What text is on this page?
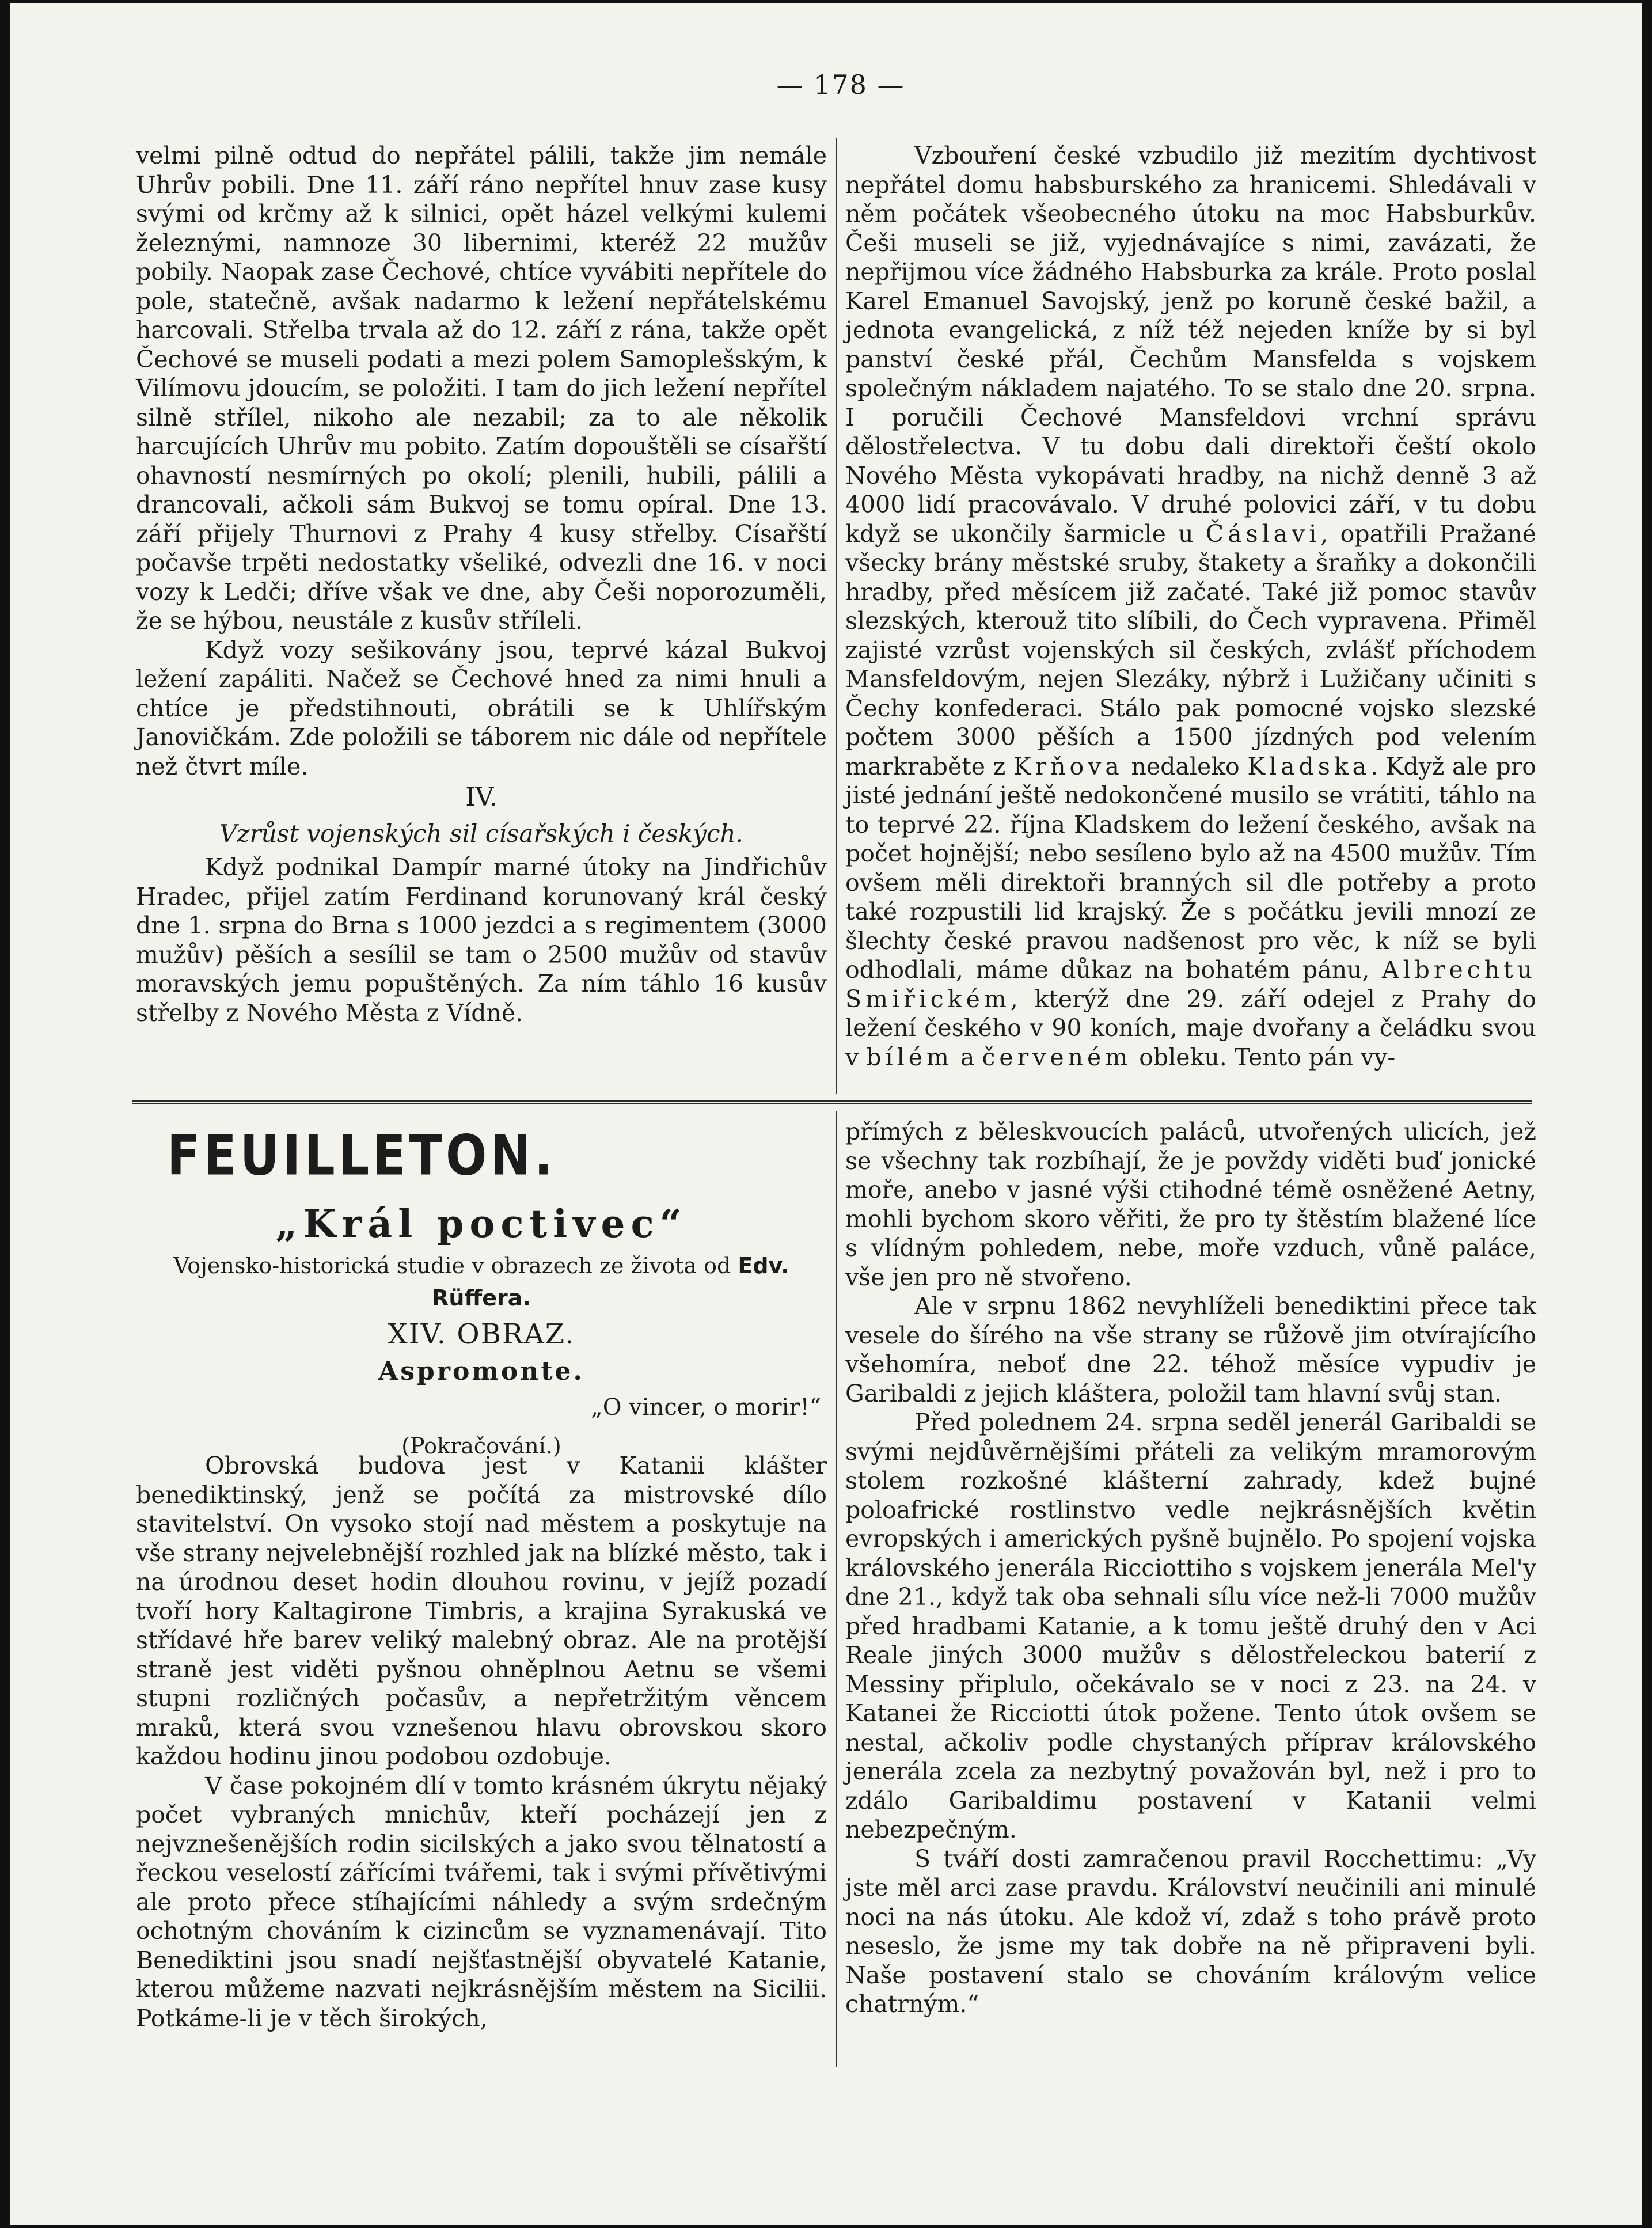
— 178 —

velmi pilně odtud do nepřátel pálili, takže jim nemále Uhrův pobili. Dne 11. září ráno nepřítel hnuv zase kusy svými od krčmy až k silnici, opět házel velkými kulemi železnými, namnoze 30 libernimi, kteréž 22 mužův pobily. Naopak zase Čechové, chtíce vyvábiti nepřítele do pole, statečně, avšak nadarmo k ležení nepřátelskému harcovali. Střelba trvala až do 12. září z rána, takže opět Čechové se museli podati a mezi polem Samoplešským, k Vilímovu jdoucím, se položiti. I tam do jich ležení nepřítel silně střílel, nikoho ale nezabil; za to ale několik harcujících Uhrův mu pobito. Zatím dopouštěli se císařští ohavností nesmírných po okolí; plenili, hubili, pálili a drancovali, ačkoli sám Bukvoj se tomu opíral. Dne 13. září přijely Thurnovi z Prahy 4 kusy střelby. Císařští počavše trpěti nedostatky všeliké, odvezli dne 16. v noci vozy k Ledči; dříve však ve dne, aby Češi noporozuměli, že se hýbou, neustále z kusův stříleli.

Když vozy sešikovány jsou, teprvé kázal Bukvoj ležení zapáliti. Načež se Čechové hned za nimi hnuli a chtíce je předstihnouti, obrátili se k Uhlířským Janovičkám. Zde položili se táborem nic dále od nepřítele než čtvrt míle.

IV.
Vzrůst vojenských sil císařských i českých.

Když podnikal Dampír marné útoky na Jindřichův Hradec, přijel zatím Ferdinand korunovaný král český dne 1. srpna do Brna s 1000 jezdci a s regimentem (3000 mužův) pěších a sesílil se tam o 2500 mužův od stavův moravských jemu popuštěných. Za ním táhlo 16 kusův střelby z Nového Města z Vídně.

Vzbouření české vzbudilo již mezitím dychtivost nepřátel domu habsburského za hranicemi. Shledávali v něm počátek všeobecného útoku na moc Habsburkův. Češi museli se již, vyjednávajíce s nimi, zavázati, že nepřijmou více žádného Habsburka za krále. Proto poslal Karel Emanuel Savojský, jenž po koruně české bažil, a jednota evangelická, z níž též nejeden kníže by si byl panství české přál, Čechům Mansfelda s vojskem společným nákladem najatého. To se stalo dne 20. srpna. I poručili Čechové Mansfeldovi vrchní správu dělostřelectva. V tu dobu dali direktoři čeští okolo Nového Města vykopávati hradby, na nichž denně 3 až 4000 lidí pracovávalo. V druhé polovici září, v tu dobu když se ukončily šarmicle u Čáslavi, opatřili Pražané všecky brány městské sruby, štakety a šraňky a dokončili hradby, před měsícem již začaté. Také již pomoc stavův slezských, kterouž tito slíbili, do Čech vypravena. Přiměl zajisté vzrůst vojenských sil českých, zvlášť příchodem Mansfeldovým, nejen Slezáky, nýbrž i Lužičany učiniti s Čechy konfederaci. Stálo pak pomocné vojsko slezské počtem 3000 pěších a 1500 jízdných pod velením markraběte z Krňova nedaleko Kladska. Když ale pro jisté jednání ještě nedokončené musilo se vrátiti, táhlo na to teprvé 22. října Kladskem do ležení českého, avšak na počet hojnější; nebo sesíleno bylo až na 4500 mužův. Tím ovšem měli direktoři branných sil dle potřeby a proto také rozpustili lid krajský. Že s počátku jevili mnozí ze šlechty české pravou nadšenost pro věc, k níž se byli odhodlali, máme důkaz na bohatém pánu, Albrechtu Smiřickém, kterýž dne 29. září odejel z Prahy do ležení českého v 90 koních, maje dvořany a čeládku svou v bílém a červeném obleku. Tento pán vy-

FEUILLETON.
„Král poctivec“
Vojensko-historická studie v obrazech ze života od Edv. Rüffera.
XIV. OBRAZ.
Aspromonte.
„O vincer, o morir!“
(Pokračování.)

Obrovská budova jest v Katanii klášter benediktinský, jenž se počítá za mistrovské dílo stavitelství. On vysoko stojí nad městem a poskytuje na vše strany nejvelebnější rozhled jak na blízké město, tak i na úrodnou deset hodin dlouhou rovinu, v jejíž pozadí tvoří hory Kaltagirone Timbris, a krajina Syrakuská ve střídavé hře barev veliký malebný obraz. Ale na protější straně jest viděti pyšnou ohněplnou Aetnu se všemi stupni rozličných počasův, a nepřetržitým věncem mraků, která svou vznešenou hlavu obrovskou skoro každou hodinu jinou podobou ozdobuje.

V čase pokojném dlí v tomto krásném úkrytu nějaký počet vybraných mnichův, kteří pocházejí jen z nejvznešenějších rodin sicilských a jako svou tělnatostí a řeckou veselostí zářícími tvářemi, tak i svými přívětivými ale proto přece stíhajícími náhledy a svým srdečným ochotným chováním k cizincům se vyznamenávají. Tito Benediktini jsou snadí nejšťastnější obyvatelé Katanie, kterou můžeme nazvati nejkrásnějším městem na Sicilii. Potkáme-li je v těch širokých,

přímých z běleskvoucích paláců, utvořených ulicích, jež se všechny tak rozbíhají, že je povždy viděti buď jonické moře, anebo v jasné výši ctihodné témě osněžené Aetny, mohli bychom skoro věřiti, že pro ty štěstím blažené líce s vlídným pohledem, nebe, moře vzduch, vůně paláce, vše jen pro ně stvořeno.

Ale v srpnu 1862 nevyhlíželi benediktini přece tak vesele do šírého na vše strany se růžově jim otvírajícího všehomíra, neboť dne 22. téhož měsíce vypudiv je Garibaldi z jejich kláštera, položil tam hlavní svůj stan.

Před polednem 24. srpna seděl jenerál Garibaldi se svými nejdůvěrnějšími přáteli za velikým mramorovým stolem rozkošné klášterní zahrady, kdež bujné poloafrické rostlinstvo vedle nejkrásnějších květin evropských i amerických pyšně bujnělo. Po spojení vojska královského jenerála Ricciottiho s vojskem jenerála Mel'y dne 21., když tak oba sehnali sílu více než-li 7000 mužův před hradbami Katanie, a k tomu ještě druhý den v Aci Reale jiných 3000 mužův s dělostřeleckou baterií z Messiny připlulo, očekávalo se v noci z 23. na 24. v Katanei že Ricciotti útok požene. Tento útok ovšem se nestal, ačkoliv podle chystaných příprav královského jenerála zcela za nezbytný považován byl, než i pro to zdálo Garibaldimu postavení v Katanii velmi nebezpečným.

S tváří dosti zamračenou pravil Rocchettimu: „Vy jste měl arci zase pravdu. Království neučinili ani minulé noci na nás útoku. Ale kdož ví, zdaž s toho právě proto neseslo, že jsme my tak dobře na ně připraveni byli. Naše postavení stalo se chováním královým velice chatrným.“
